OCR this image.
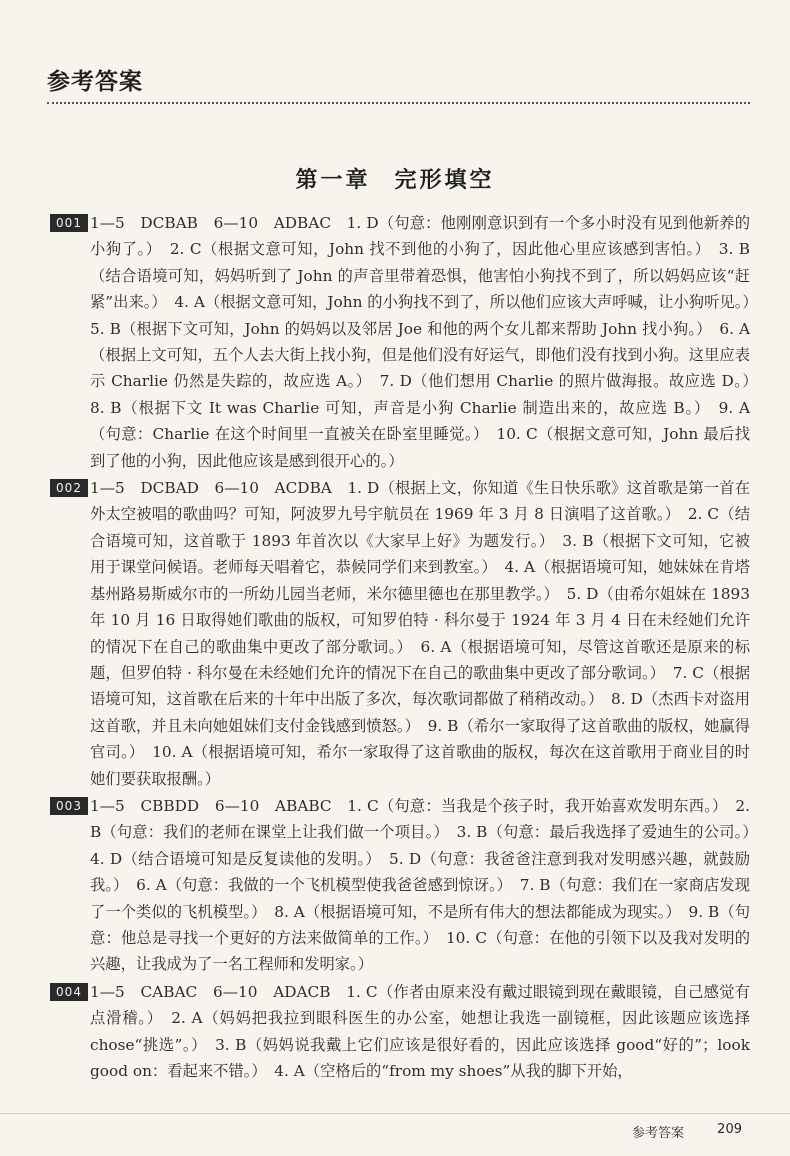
参考答案
第一章 完形填空
001 1—5　DCBAB　6—10　ADBAC　1. D（句意：他刚刚意识到有一个多小时没有见到他新养的小狗了。）　2. C（根据文意可知，John 找不到他的小狗了，因此他心里应该感到害怕。）　3. B（结合语境可知，妈妈听到了 John 的声音里带着恐惧，他害怕小狗找不到了，所以妈妈应该“赶紧”出来。）　4. A（根据文意可知，John 的小狗找不到了，所以他们应该大声呼喊，让小狗听见。）　5. B（根据下文可知，John 的妈妈以及邻居 Joe 和他的两个女儿都来帮助 John 找小狗。）　6. A（根据上文可知，五个人去大街上找小狗，但是他们没有好运气，即他们没有找到小狗。这里应表示 Charlie 仍然是失踪的，故应选 A。）　7. D（他们想用 Charlie 的照片做海报。故应选 D。）　8. B（根据下文 It was Charlie 可知，声音是小狗 Charlie 制造出来的，故应选 B。）　9. A（句意：Charlie 在这个时间里一直被关在卧室里睡觉。）　10. C（根据文意可知，John 最后找到了他的小狗，因此他应该是感到很开心的。）
002 1—5　DCBAD　6—10　ACDBA　1. D（根据上文，你知道《生日快乐歌》这首歌是第一首在外太空被唱的歌曲吗？可知，阿波罗九号宇航员在 1969 年 3 月 8 日演唱了这首歌。）　2. C（结合语境可知，这首歌于 1893 年首次以《大家早上好》为题发行。）　3. B（根据下文可知，它被用于课堂问候语。老师每天唱着它，恭候同学们来到教室。）　4. A（根据语境可知，她妹妹在肯塔基州路易斯威尔市的一所幼儿园当老师，米尔德里德也在那里教学。）　5. D（由希尔姐妹在 1893 年 10 月 16 日取得她们歌曲的版权，可知罗伯特 · 科尔曼于 1924 年 3 月 4 日在未经她们允许的情况下在自己的歌曲集中更改了部分歌词。）　6. A（根据语境可知，尽管这首歌还是原来的标题，但罗伯特 · 科尔曼在未经她们允许的情况下在自己的歌曲集中更改了部分歌词。）　7. C（根据语境可知，这首歌在后来的十年中出版了多次，每次歌词都做了稍稍改动。）　8. D（杰西卡对盗用这首歌，并且未向她姐妹们支付金钱感到愤怒。）　9. B（希尔一家取得了这首歌曲的版权，她赢得官司。）　10. A（根据语境可知，希尔一家取得了这首歌曲的版权，每次在这首歌用于商业目的时她们要获取报酬。）
003 1—5　CBBDD　6—10　ABABC　1. C（句意：当我是个孩子时，我开始喜欢发明东西。）　2. B（句意：我们的老师在课堂上让我们做一个项目。）　3. B（句意：最后我选择了爱迪生的公司。）　4. D（结合语境可知是反复读他的发明。）　5. D（句意：我爸爸注意到我对发明感兴趣，就鼓励我。）　6. A（句意：我做的一个飞机模型使我爸爸感到惊讶。）　7. B（句意：我们在一家商店发现了一个类似的飞机模型。）　8. A（根据语境可知，不是所有伟大的想法都能成为现实。）　9. B（句意：他总是寻找一个更好的方法来做简单的工作。）　10. C（句意：在他的引领下以及我对发明的兴趣，让我成为了一名工程师和发明家。）
004 1—5　CABAC　6—10　ADACB　1. C（作者由原来没有戴过眼镜到现在戴眼镜，自己感觉有点滑稽。）　2. A（妈妈把我拉到眼科医生的办公室，她想让我选一副镜框，因此该题应该选择 chose“挑选”。）　3. B（妈妈说我戴上它们应该是很好看的，因此应该选择 good“好的”；look good on：看起来不错。）　4. A（空格后的“from my shoes”从我的脚下开始，
参考答案	209
